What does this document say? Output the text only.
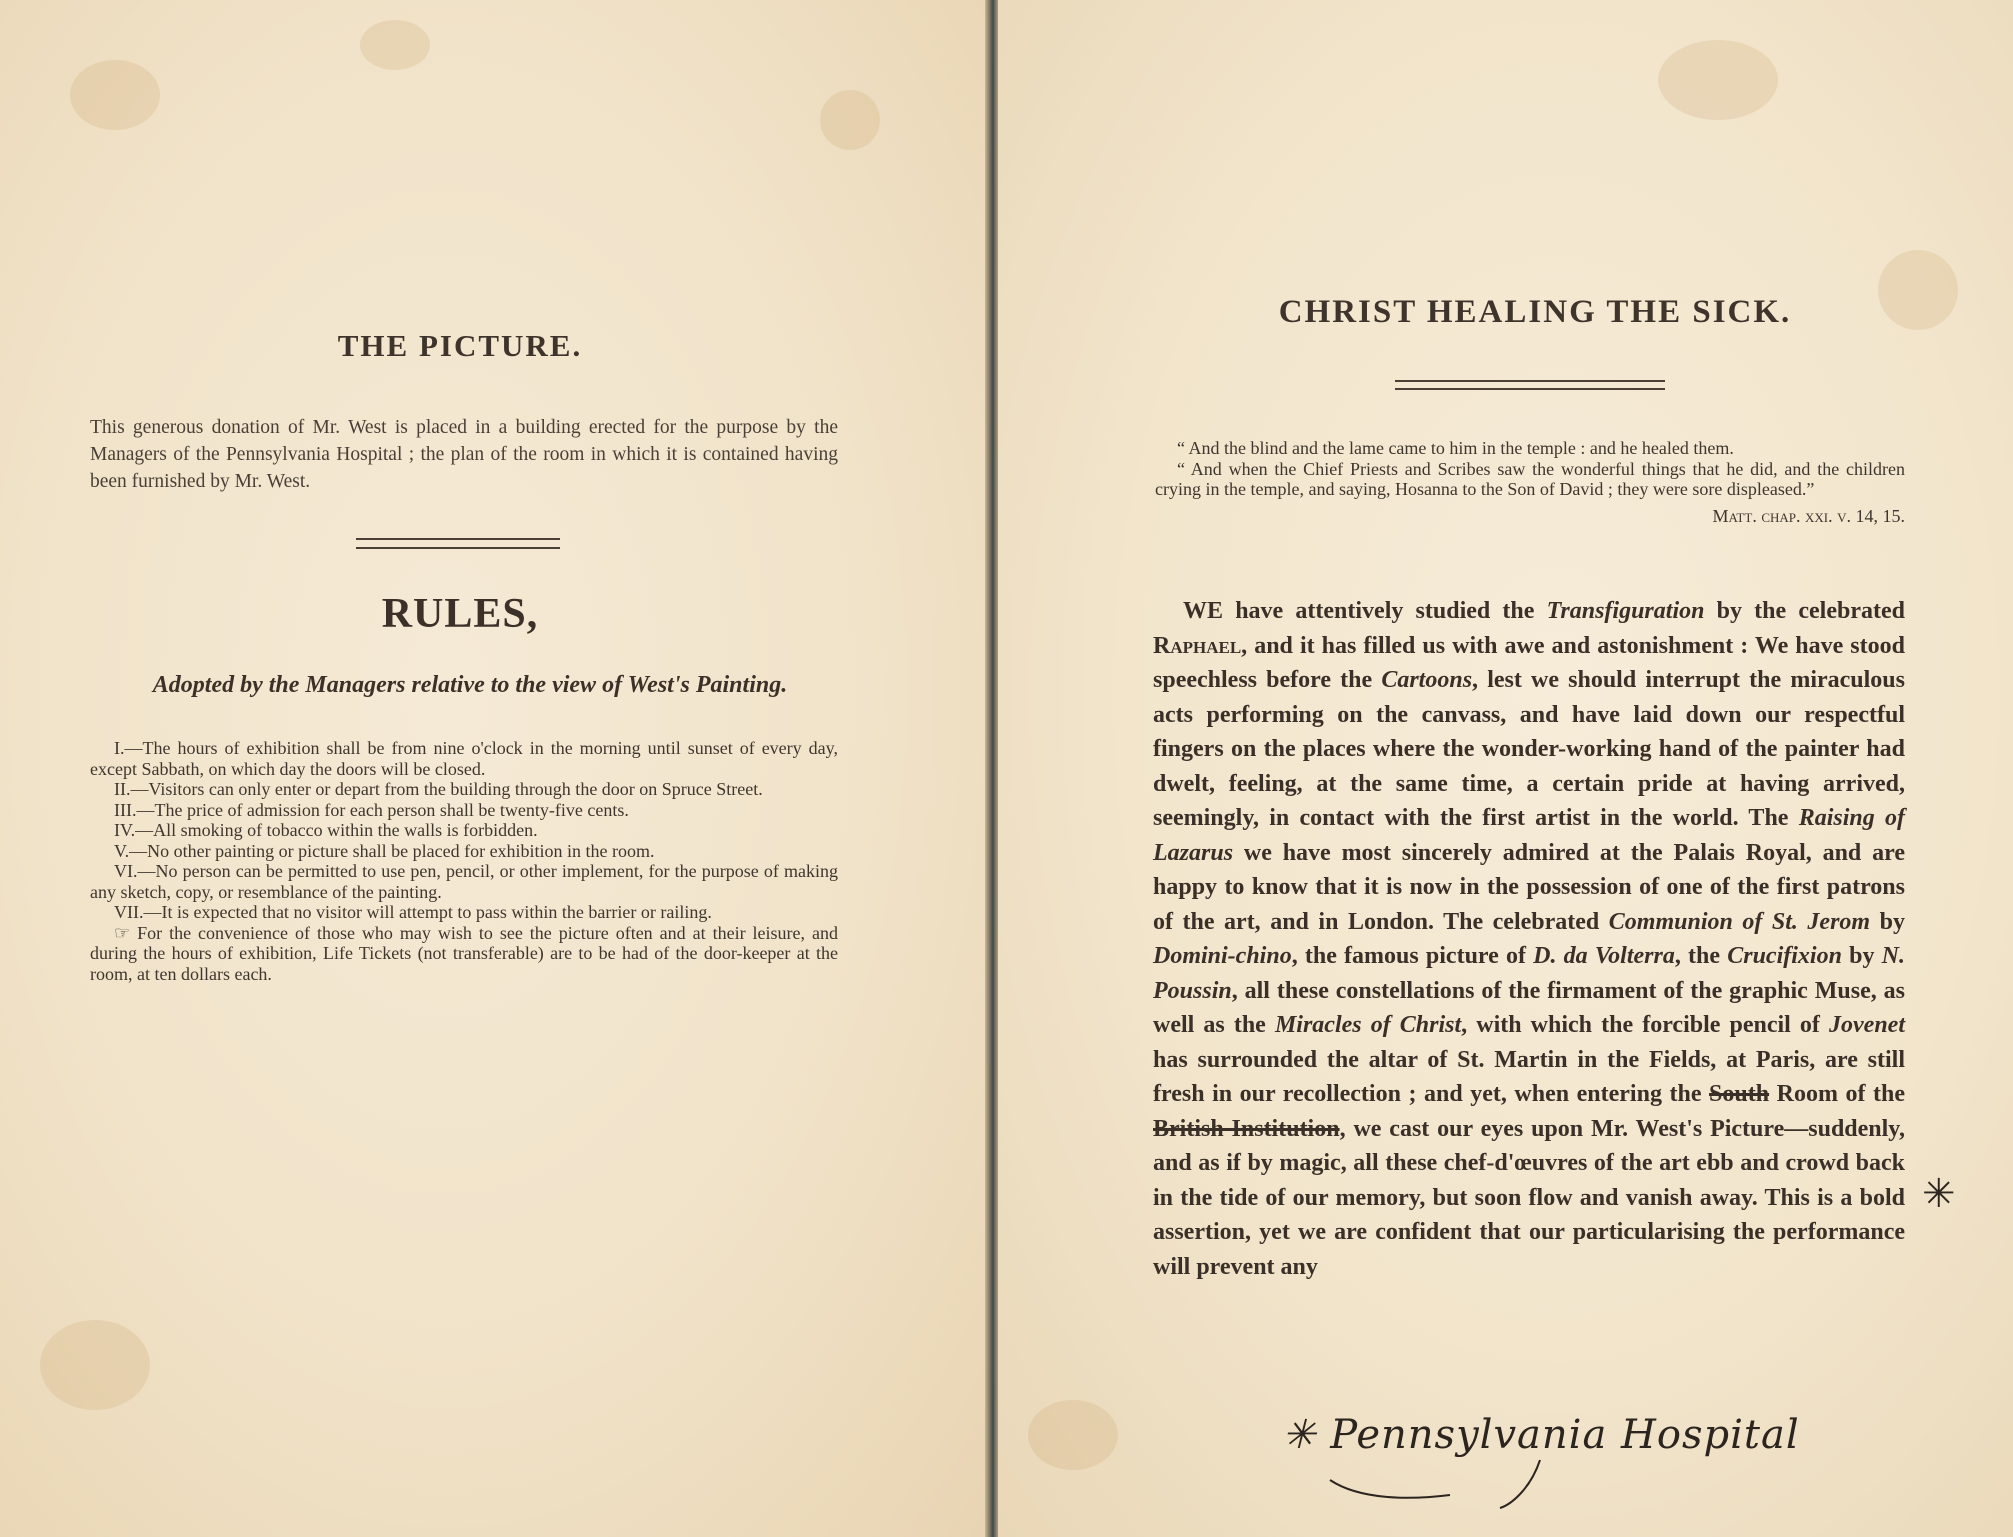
THE PICTURE.
This generous donation of Mr. West is placed in a building erected for the purpose by the Managers of the Pennsylvania Hospital ; the plan of the room in which it is contained having been furnished by Mr. West.
RULES,
Adopted by the Managers relative to the view of West's Painting.

I.—The hours of exhibition shall be from nine o'clock in the morning until sunset of every day, except Sabbath, on which day the doors will be closed.

II.—Visitors can only enter or depart from the building through the door on Spruce Street.

III.—The price of admission for each person shall be twenty-five cents.

IV.—All smoking of tobacco within the walls is forbidden.

V.—No other painting or picture shall be placed for exhibition in the room.

VI.—No person can be permitted to use pen, pencil, or other implement, for the purpose of making any sketch, copy, or resemblance of the painting.

VII.—It is expected that no visitor will attempt to pass within the barrier or railing.

☞ For the convenience of those who may wish to see the picture often and at their leisure, and during the hours of exhibition, Life Tickets (not transferable) are to be had of the door-keeper at the room, at ten dollars each.

CHRIST HEALING THE SICK.

“ And the blind and the lame came to him in the temple : and he healed them.

“ And when the Chief Priests and Scribes saw the wonderful things that he did, and the children crying in the temple, and saying, Hosanna to the Son of David ; they were sore displeased.”

Matt. chap. xxi. v. 14, 15.

WE have attentively studied the Transfiguration by the celebrated Raphael, and it has filled us with awe and astonishment : We have stood speechless before the Cartoons, lest we should interrupt the miraculous acts performing on the canvass, and have laid down our respectful fingers on the places where the wonder-working hand of the painter had dwelt, feeling, at the same time, a certain pride at having arrived, seemingly, in contact with the first artist in the world. The Raising of Lazarus we have most sincerely admired at the Palais Royal, and are happy to know that it is now in the possession of one of the first patrons of the art, and in London. The celebrated Communion of St. Jerom by Domini-chino, the famous picture of D. da Volterra, the Crucifixion by N. Poussin, all these constellations of the firmament of the graphic Muse, as well as the Miracles of Christ, with which the forcible pencil of Jovenet has surrounded the altar of St. Martin in the Fields, at Paris, are still fresh in our recollection ; and yet, when entering the South Room of the British Institution, we cast our eyes upon Mr. West's Picture—suddenly, and as if by magic, all these chef-d'œuvres of the art ebb and crowd back in the tide of our memory, but soon flow and vanish away. This is a bold assertion, yet we are confident that our particularising the performance will prevent any

✳
✳ Pennsylvania Hospital
